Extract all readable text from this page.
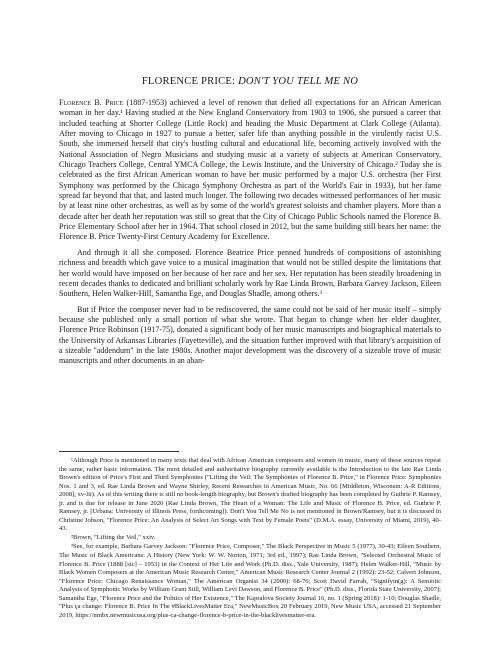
FLORENCE PRICE: DON'T YOU TELL ME NO

Florence B. Price (1887-1953) achieved a level of renown that defied all expectations for an African American woman in her day.¹ Having studied at the New England Conservatory from 1903 to 1906, she pursued a career that included teaching at Shorter College (Little Rock) and heading the Music Department at Clark College (Atlanta). After moving to Chicago in 1927 to pursue a better, safer life than anything possible in the virulently racist U.S. South, she immersed herself that city's bustling cultural and educational life, becoming actively involved with the National Association of Negro Musicians and studying music at a variety of subjects at American Conservatory, Chicago Teachers College, Central YMCA College, the Lewis Institute, and the University of Chicago.² Today she is celebrated as the first African American woman to have her music performed by a major U.S. orchestra (her First Symphony was performed by the Chicago Symphony Orchestra as part of the World's Fair in 1933), but her fame spread far beyond that that, and lasted much longer. The following two decades witnessed performances of her music by at least nine other orchestras, as well as by some of the world's greatest soloists and chamber players. More than a decade after her death her reputation was still so great that the City of Chicago Public Schools named the Florence B. Price Elementary School after her in 1964. That school closed in 2012, but the same building still bears her name: the Florence B. Price Twenty-First Century Academy for Excellence.

And through it all she composed. Florence Beatrice Price penned hundreds of compositions of astonishing richness and breadth which gave voice to a musical imagination that would not be stilled despite the limitations that her world would have imposed on her because of her race and her sex. Her reputation has been steadily broadening in recent decades thanks to dedicated and brilliant scholarly work by Rae Linda Brown, Barbara Garvey Jackson, Eileen Southern, Helen Walker-Hill, Samantha Ege, and Douglas Shadle, among others.³

But if Price the composer never had to be rediscovered, the same could not be said of her music itself – simply because she published only a small portion of what she wrote. That began to change when her elder daughter, Florence Price Robinson (1917-75), donated a significant body of her music manuscripts and biographical materials to the University of Arkansas Libraries (Fayetteville), and the situation further improved with that library's acquisition of a sizeable "addendum" in the late 1980s. Another major development was the discovery of a sizeable trove of music manuscripts and other documents in an aban-

¹Although Price is mentioned in many texts that deal with African American composers and women in music, many of these sources repeat the same, rather basic information. The most detailed and authoritative biography currently available is the Introduction to the late Rae Linda Brown's edition of Price's First and Third Symphonies ("Lifting the Veil: The Symphonies of Florence B. Price," in Florence Price: Symphonies Nos. 1 and 3, ed. Rae Linda Brown and Wayne Shirley, Recent Researches in American Music, No. 66 [Middleton, Wisconsin: A-R Editions, 2008], xv-lii). As of this writing there is still no book-length biography, but Brown's drafted biography has been completed by Guthrie P. Ramsey, jr. and is due for release in June 2020 (Rae Linda Brown, The Heart of a Woman: The Life and Music of Florence B. Price, ed. Guthrie P. Ramsey, jr. [Urbana: University of Illinois Press, forthcoming]). Don't You Tell Me No is not mentioned in Brown/Ramsey, but it is discussed in Christine Jobson, "Florence Price: An Analysis of Select Art Songs with Text by Female Poets" (D.M.A. essay, University of Miami, 2019), 40-43.

²Brown, "Lifting the Veil," xxiv.

³See, for example, Barbara Garvey Jackson: "Florence Price, Composer," The Black Perspective in Music 5 (1977), 30-43; Eileen Southern, The Music of Black Americans: A History (New York: W. W. Norton, 1971; 3rd ed., 1997); Rae Linda Brown, "Selected Orchestral Music of Florence B. Price (1888 [sic] – 1953) in the Context of Her Life and Work (Ph.D. diss., Yale University, 1987); Helen Walker-Hill, "Music by Black Women Composers at the American Music Research Center," American Music Research Center Journal 2 (1992): 23-52; Calvert Johnson, "Florence Price: Chicago Renaissance Woman," The American Organist 34 (2000): 68-76; Scott David Farrah, "Signifyin(g): A Semiotic Analysis of Symphonic Works by William Grant Still, William Levi Dawson, and Florence B. Price" (Ph.D. diss., Florida State University, 2007); Samantha Ege, "Florence Price and the Politics of Her Existence," The Kapralova Society Journal 16, no. 1 (Spring 2018): 1-10; Douglas Shadle, "Plus ça change: Florence B. Price In The #BlackLivesMatter Era," NewMusicBox 20 February 2019, New Music USA, accessed 21 September 2019, https://nmbx.newmusicusa.org/plus-ca-change-florence-b-price-in-the-blacklivesmatter-era.
